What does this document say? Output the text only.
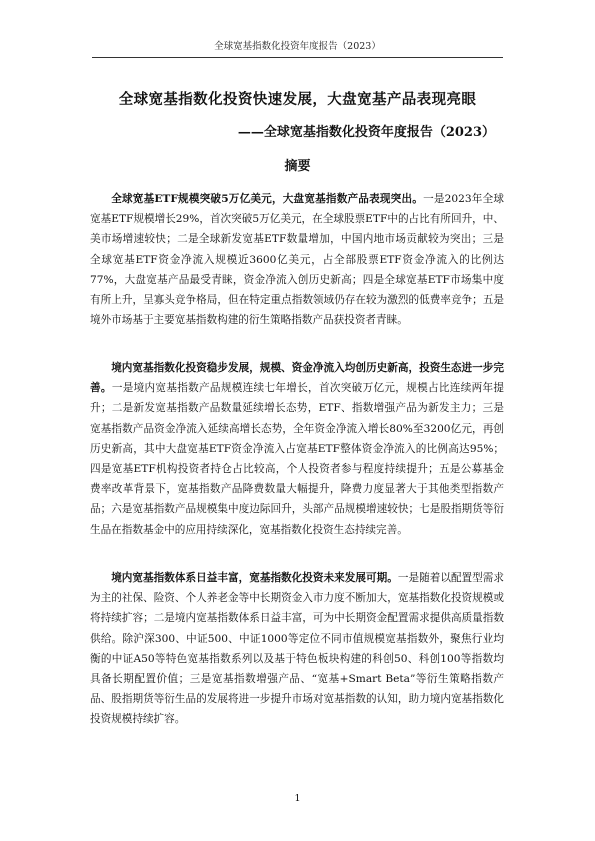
全球宽基指数化投资年度报告（2023）
全球宽基指数化投资快速发展，大盘宽基产品表现亮眼
——全球宽基指数化投资年度报告（2023）
摘要

全球宽基ETF规模突破5万亿美元，大盘宽基指数产品表现突出。一是2023年全球宽基ETF规模增长29%，首次突破5万亿美元，在全球股票ETF中的占比有所回升，中、美市场增速较快；二是全球新发宽基ETF数量增加，中国内地市场贡献较为突出；三是全球宽基ETF资金净流入规模近3600亿美元，占全部股票ETF资金净流入的比例达77%，大盘宽基产品最受青睐，资金净流入创历史新高；四是全球宽基ETF市场集中度有所上升，呈寡头竞争格局，但在特定重点指数领域仍存在较为激烈的低费率竞争；五是境外市场基于主要宽基指数构建的衍生策略指数产品获投资者青睐。

境内宽基指数化投资稳步发展，规模、资金净流入均创历史新高，投资生态进一步完善。一是境内宽基指数产品规模连续七年增长，首次突破万亿元，规模占比连续两年提升；二是新发宽基指数产品数量延续增长态势，ETF、指数增强产品为新发主力；三是宽基指数产品资金净流入延续高增长态势，全年资金净流入增长80%至3200亿元，再创历史新高，其中大盘宽基ETF资金净流入占宽基ETF整体资金净流入的比例高达95%；四是宽基ETF机构投资者持仓占比较高，个人投资者参与程度持续提升；五是公募基金费率改革背景下，宽基指数产品降费数量大幅提升，降费力度显著大于其他类型指数产品；六是宽基指数产品规模集中度边际回升，头部产品规模增速较快；七是股指期货等衍生品在指数基金中的应用持续深化，宽基指数化投资生态持续完善。

境内宽基指数体系日益丰富，宽基指数化投资未来发展可期。一是随着以配置型需求为主的社保、险资、个人养老金等中长期资金入市力度不断加大，宽基指数化投资规模或将持续扩容；二是境内宽基指数体系日益丰富，可为中长期资金配置需求提供高质量指数供给。除沪深300、中证500、中证1000等定位不同市值规模宽基指数外，聚焦行业均衡的中证A50等特色宽基指数系列以及基于特色板块构建的科创50、科创100等指数均具备长期配置价值；三是宽基指数增强产品、“宽基+Smart Beta”等衍生策略指数产品、股指期货等衍生品的发展将进一步提升市场对宽基指数的认知，助力境内宽基指数化投资规模持续扩容。

1
